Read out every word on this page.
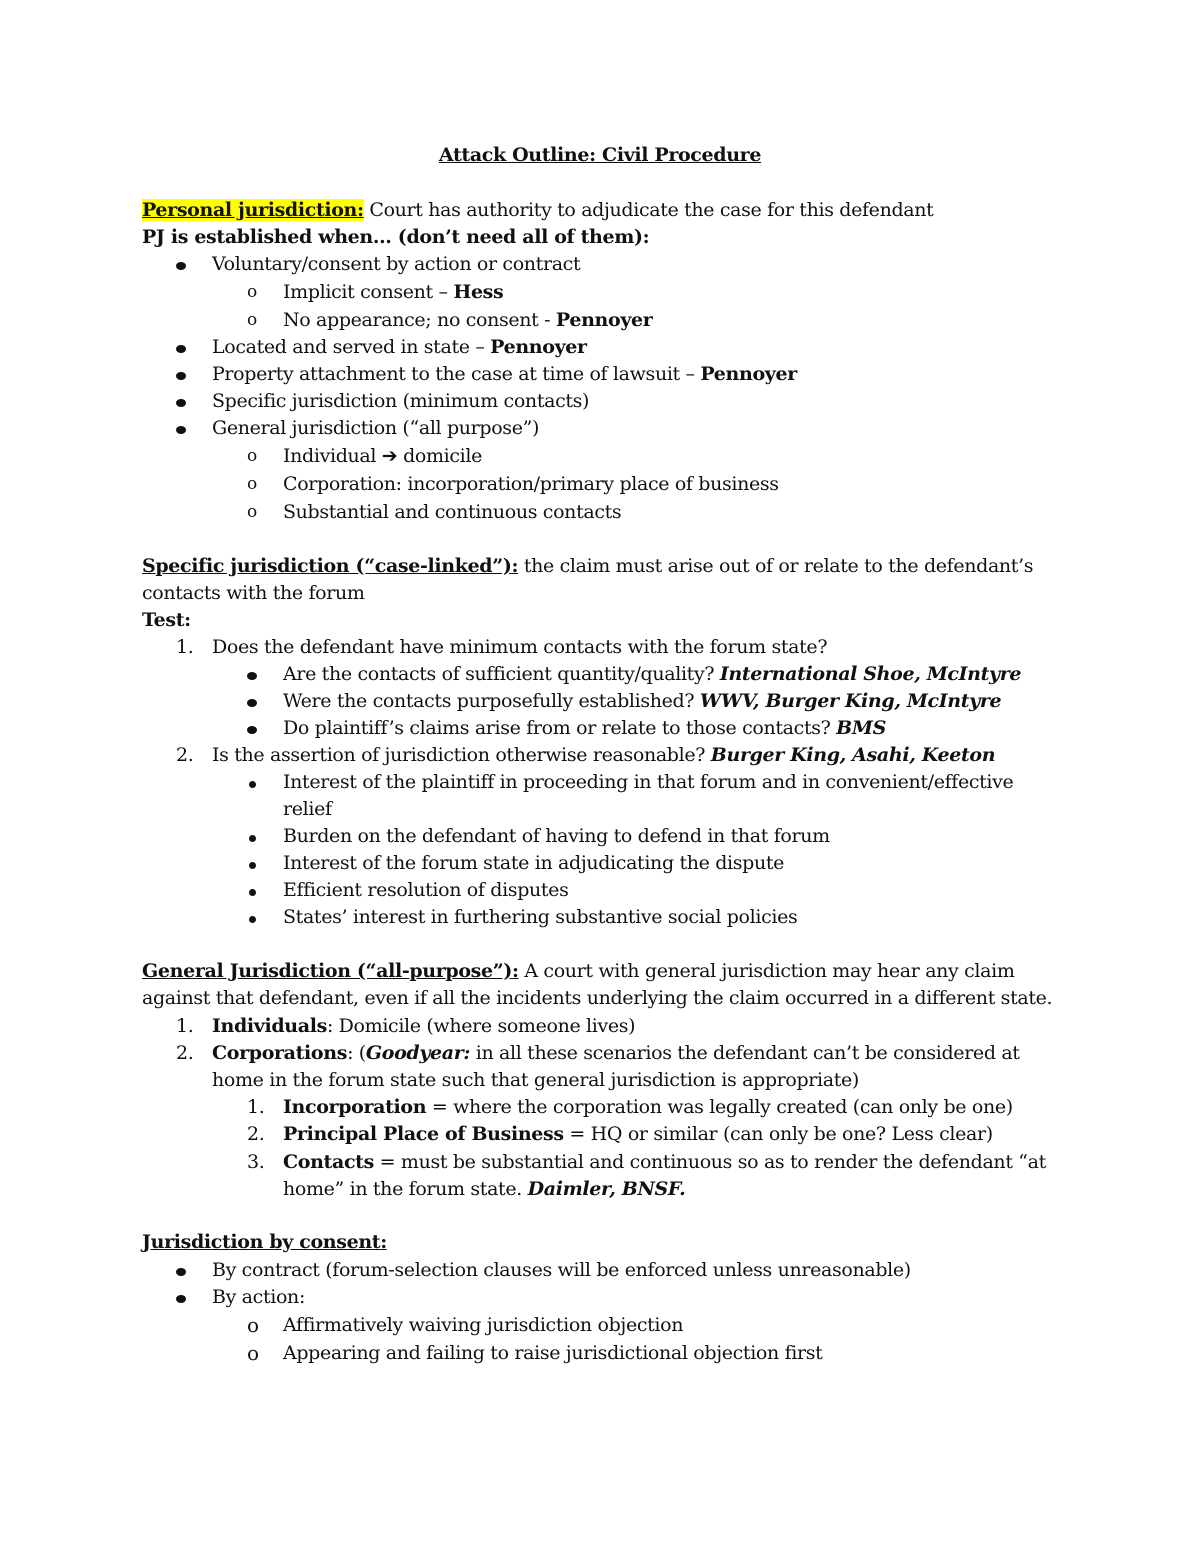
Attack Outline: Civil Procedure
Personal jurisdiction: Court has authority to adjudicate the case for this defendant
PJ is established when… (don’t need all of them):
Voluntary/consent by action or contract
o Implicit consent – Hess
o No appearance; no consent - Pennoyer
Located and served in state – Pennoyer
Property attachment to the case at time of lawsuit – Pennoyer
Specific jurisdiction (minimum contacts)
General jurisdiction (“all purpose”)
o Individual ➔ domicile
o Corporation: incorporation/primary place of business
o Substantial and continuous contacts
Specific jurisdiction (“case-linked”): the claim must arise out of or relate to the defendant’s
contacts with the forum
Test:
1. Does the defendant have minimum contacts with the forum state?
Are the contacts of sufficient quantity/quality? International Shoe, McIntyre
Were the contacts purposefully established? WWV, Burger King, McIntyre
Do plaintiff’s claims arise from or relate to those contacts? BMS
2. Is the assertion of jurisdiction otherwise reasonable? Burger King, Asahi, Keeton
Interest of the plaintiff in proceeding in that forum and in convenient/effective
relief
Burden on the defendant of having to defend in that forum
Interest of the forum state in adjudicating the dispute
Efficient resolution of disputes
States’ interest in furthering substantive social policies
General Jurisdiction (“all-purpose”): A court with general jurisdiction may hear any claim
against that defendant, even if all the incidents underlying the claim occurred in a different state.
1. Individuals: Domicile (where someone lives)
2. Corporations: (Goodyear: in all these scenarios the defendant can’t be considered at
home in the forum state such that general jurisdiction is appropriate)
1. Incorporation = where the corporation was legally created (can only be one)
2. Principal Place of Business = HQ or similar (can only be one? Less clear)
3. Contacts = must be substantial and continuous so as to render the defendant “at
home” in the forum state. Daimler, BNSF.
Jurisdiction by consent:
By contract (forum-selection clauses will be enforced unless unreasonable)
By action:
o Affirmatively waiving jurisdiction objection
o Appearing and failing to raise jurisdictional objection first
